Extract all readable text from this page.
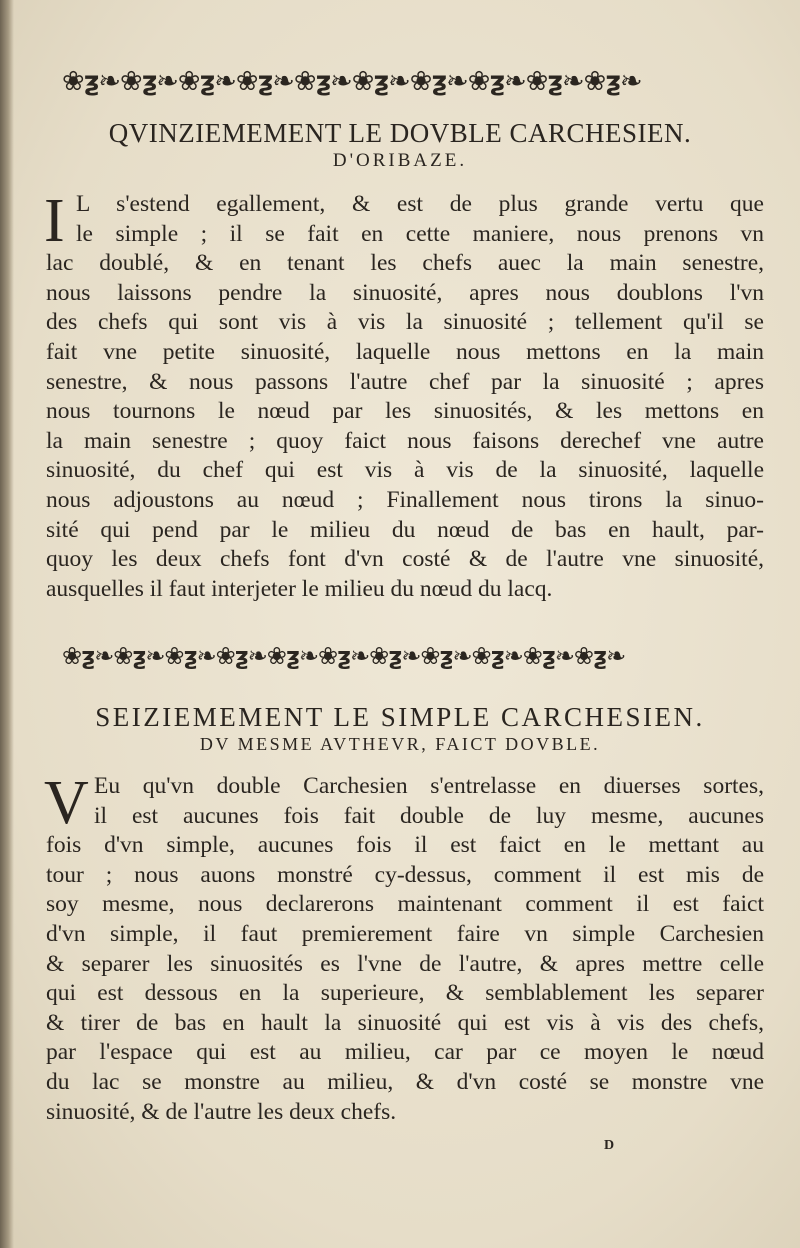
❀ƺ❧❀ƺ❧❀ƺ❧❀ƺ❧❀ƺ❧❀ƺ❧❀ƺ❧❀ƺ❧❀ƺ❧❀ƺ❧
QVINZIEMEMENT LE DOVBLE CARCHESIEN.
D'ORIBAZE.
I L s'estend egallement, & est de plus grande vertu que
le simple ; il se fait en cette maniere, nous prenons vn
lac doublé, & en tenant les chefs auec la main senestre,
nous laissons pendre la sinuosité, apres nous doublons l'vn
des chefs qui sont vis à vis la sinuosité ; tellement qu'il se
fait vne petite sinuosité, laquelle nous mettons en la main
senestre, & nous passons l'autre chef par la sinuosité ; apres
nous tournons le nœud par les sinuosités, & les mettons en
la main senestre ; quoy faict nous faisons derechef vne autre
sinuosité, du chef qui est vis à vis de la sinuosité, laquelle
nous adjoustons au nœud ; Finallement nous tirons la sinuo-
sité qui pend par le milieu du nœud de bas en hault, par-
quoy les deux chefs font d'vn costé & de l'autre vne sinuosité,
ausquelles il faut interjeter le milieu du nœud du lacq.
❀ƺ❧❀ƺ❧❀ƺ❧❀ƺ❧❀ƺ❧❀ƺ❧❀ƺ❧❀ƺ❧❀ƺ❧❀ƺ❧❀ƺ❧
SEIZIEMEMENT LE SIMPLE CARCHESIEN.
DV MESME AVTHEVR, FAICT DOVBLE.
V Eu qu'vn double Carchesien s'entrelasse en diuerses sortes,
il est aucunes fois fait double de luy mesme, aucunes
fois d'vn simple, aucunes fois il est faict en le mettant au
tour ; nous auons monstré cy-dessus, comment il est mis de
soy mesme, nous declarerons maintenant comment il est faict
d'vn simple, il faut premierement faire vn simple Carchesien
& separer les sinuosités es l'vne de l'autre, & apres mettre celle
qui est dessous en la superieure, & semblablement les separer
& tirer de bas en hault la sinuosité qui est vis à vis des chefs,
par l'espace qui est au milieu, car par ce moyen le nœud
du lac se monstre au milieu, & d'vn costé se monstre vne
sinuosité, & de l'autre les deux chefs.
D
